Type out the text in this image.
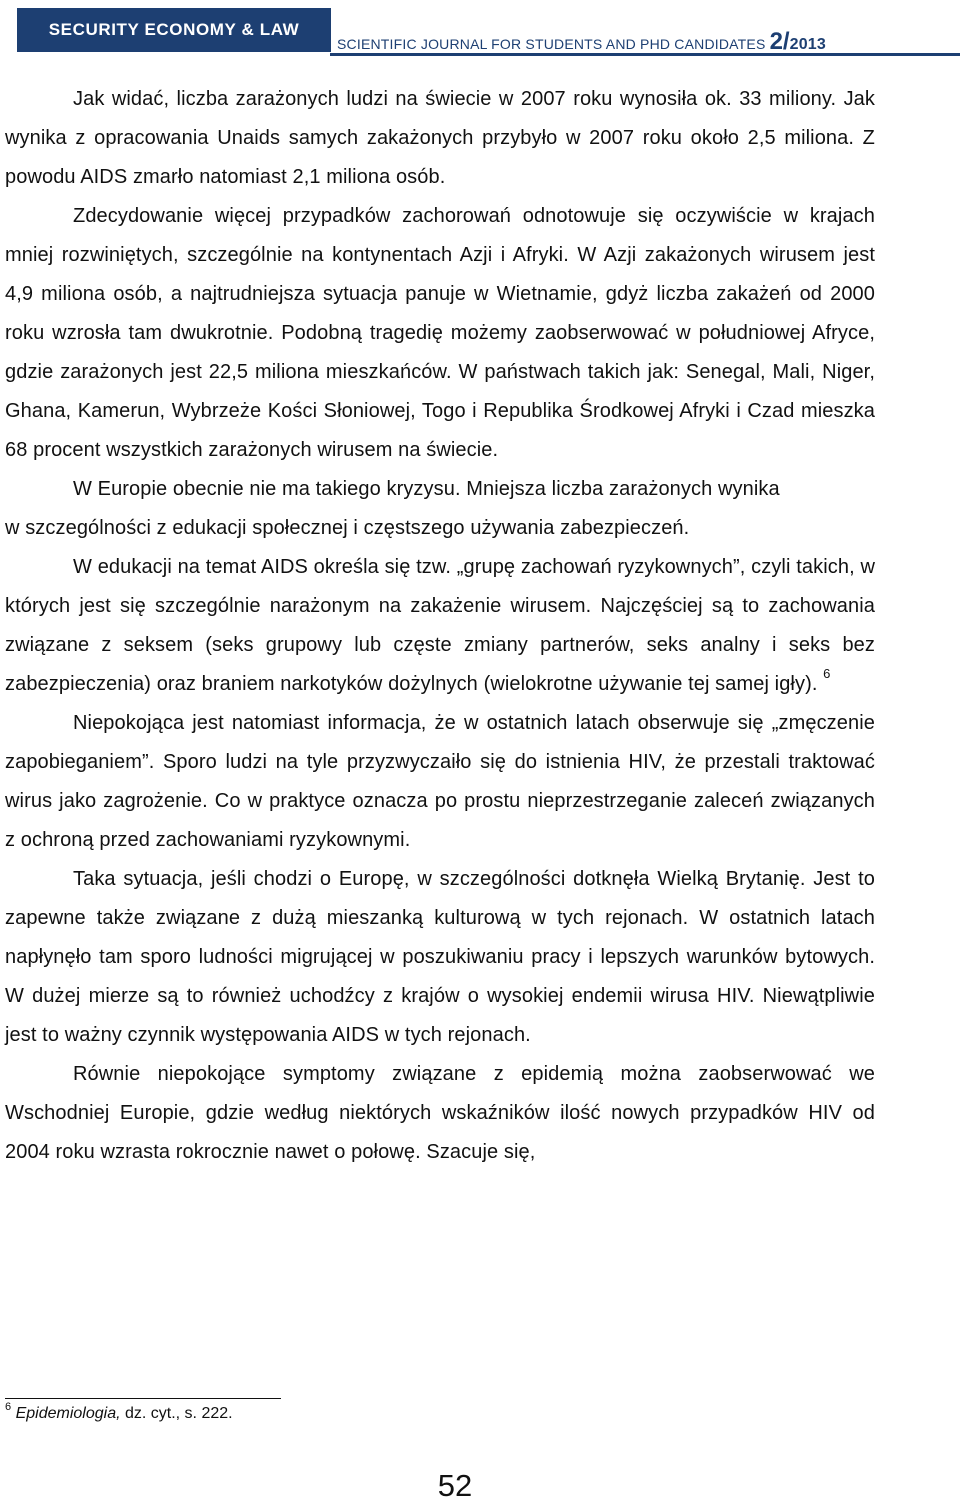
SECURITY ECONOMY & LAW
SCIENTIFIC JOURNAL FOR STUDENTS AND PHD CANDIDATES 2/2013

Jak widać, liczba zarażonych ludzi na świecie w 2007 roku wynosiła ok. 33 miliony. Jak wynika z opracowania Unaids samych zakażonych przybyło w 2007 roku około 2,5 miliona. Z powodu AIDS zmarło natomiast 2,1 miliona osób.

Zdecydowanie więcej przypadków zachorowań odnotowuje się oczywiście w krajach mniej rozwiniętych, szczególnie na kontynentach Azji i Afryki. W Azji zakażonych wirusem jest 4,9 miliona osób, a najtrudniejsza sytuacja panuje w Wietnamie, gdyż liczba zakażeń od 2000 roku wzrosła tam dwukrotnie. Podobną tragedię możemy zaobserwować w południowej Afryce, gdzie zarażonych jest 22,5 miliona mieszkańców. W państwach takich jak: Senegal, Mali, Niger, Ghana, Kamerun, Wybrzeże Kości Słoniowej, Togo i Republika Środkowej Afryki i Czad mieszka 68 procent wszystkich zarażonych wirusem na świecie.

W Europie obecnie nie ma takiego kryzysu. Mniejsza liczba zarażonych wynika

w szczególności z edukacji społecznej i częstszego używania zabezpieczeń.

W edukacji na temat AIDS określa się tzw. „grupę zachowań ryzykownych”, czyli takich, w których jest się szczególnie narażonym na zakażenie wirusem. Najczęściej są to zachowania związane z seksem (seks grupowy lub częste zmiany partnerów, seks analny i seks bez zabezpieczenia) oraz braniem narkotyków dożylnych (wielokrotne używanie tej samej igły). $^6$

Niepokojąca jest natomiast informacja, że w ostatnich latach obserwuje się „zmęczenie zapobieganiem”. Sporo ludzi na tyle przyzwyczaiło się do istnienia HIV, że przestali traktować wirus jako zagrożenie. Co w praktyce oznacza po prostu nieprzestrzeganie zaleceń związanych z ochroną przed zachowaniami ryzykownymi.

Taka sytuacja, jeśli chodzi o Europę, w szczególności dotknęła Wielką Brytanię. Jest to zapewne także związane z dużą mieszanką kulturową w tych rejonach. W ostatnich latach napłynęło tam sporo ludności migrującej w poszukiwaniu pracy i lepszych warunków bytowych. W dużej mierze są to również uchodźcy z krajów o wysokiej endemii wirusa HIV. Niewątpliwie jest to ważny czynnik występowania AIDS w tych rejonach.

Równie niepokojące symptomy związane z epidemią można zaobserwować we Wschodniej Europie, gdzie według niektórych wskaźników ilość nowych przypadków HIV od 2004 roku wzrasta rokrocznie nawet o połowę. Szacuje się,

$^6$ Epidemiologia, dz. cyt., s. 222.
52
